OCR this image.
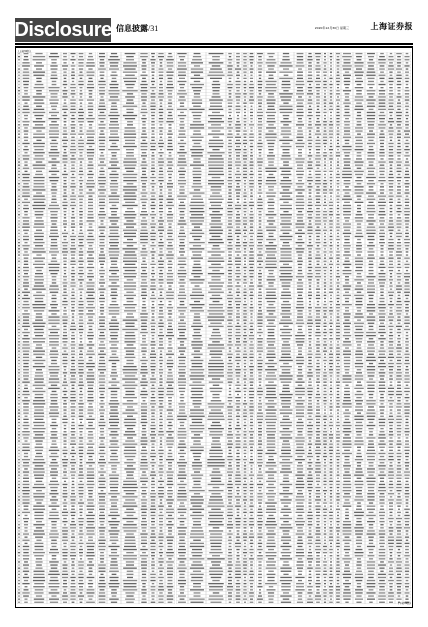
Disclosure 信息披露/31	2020年12月30日 星期三	上海证券报
(上接30版)
(下转32版)
